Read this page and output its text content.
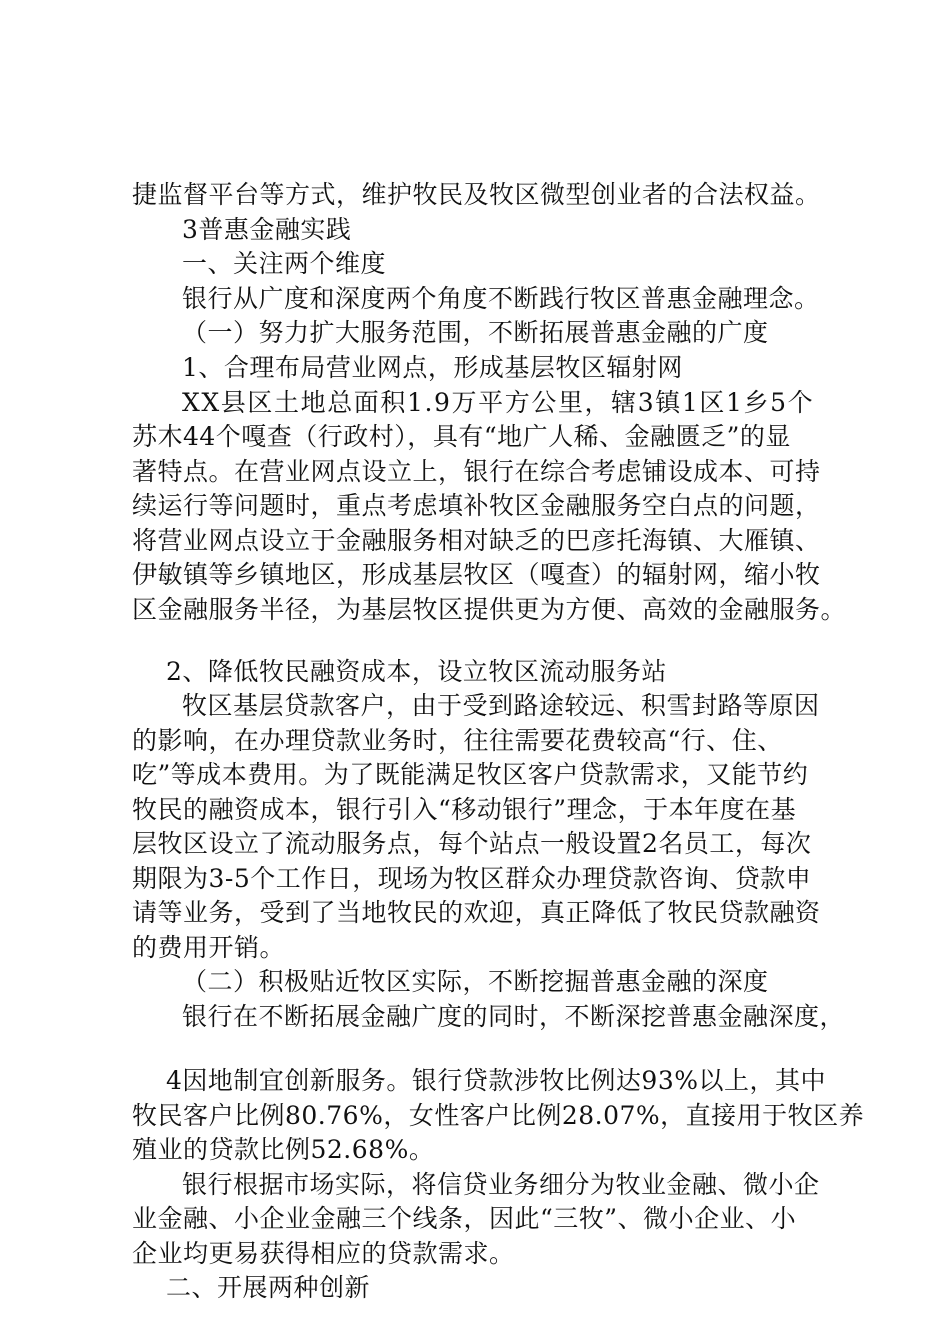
捷监督平台等方式，维护牧民及牧区微型创业者的合法权益。
3普惠金融实践
一、关注两个维度
银行从广度和深度两个角度不断践行牧区普惠金融理念。
（一）努力扩大服务范围，不断拓展普惠金融的广度
1、合理布局营业网点，形成基层牧区辐射网
XX县区土地总面积1.9万平方公里，辖3镇1区1乡5个
苏木44个嘎查（行政村），具有“地广人稀、金融匮乏”的显
著特点。在营业网点设立上，银行在综合考虑铺设成本、可持
续运行等问题时，重点考虑填补牧区金融服务空白点的问题，
将营业网点设立于金融服务相对缺乏的巴彦托海镇、大雁镇、
伊敏镇等乡镇地区，形成基层牧区（嘎查）的辐射网，缩小牧
区金融服务半径，为基层牧区提供更为方便、高效的金融服务。
2、降低牧民融资成本，设立牧区流动服务站
牧区基层贷款客户，由于受到路途较远、积雪封路等原因
的影响，在办理贷款业务时，往往需要花费较高“行、住、
吃”等成本费用。为了既能满足牧区客户贷款需求，又能节约
牧民的融资成本，银行引入“移动银行”理念，于本年度在基
层牧区设立了流动服务点，每个站点一般设置2名员工，每次
期限为3-5个工作日，现场为牧区群众办理贷款咨询、贷款申
请等业务，受到了当地牧民的欢迎，真正降低了牧民贷款融资
的费用开销。
（二）积极贴近牧区实际，不断挖掘普惠金融的深度
银行在不断拓展金融广度的同时，不断深挖普惠金融深度，
4因地制宜创新服务。银行贷款涉牧比例达93%以上，其中
牧民客户比例80.76%，女性客户比例28.07%，直接用于牧区养
殖业的贷款比例52.68%。
银行根据市场实际，将信贷业务细分为牧业金融、微小企
业金融、小企业金融三个线条，因此“三牧”、微小企业、小
企业均更易获得相应的贷款需求。
二、开展两种创新
